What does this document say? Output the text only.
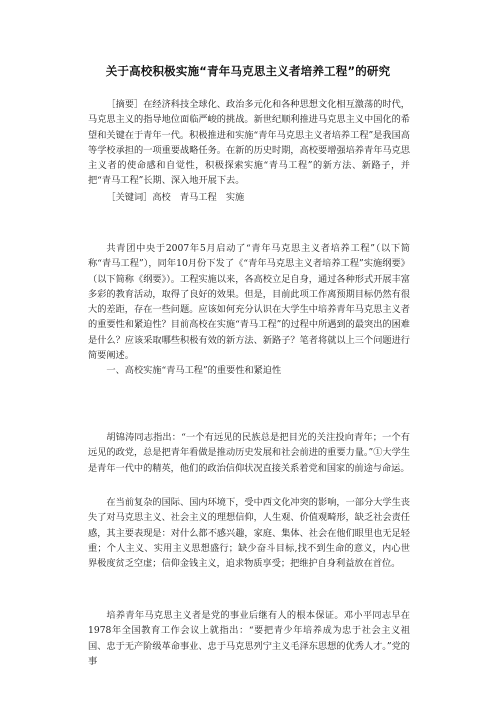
关于高校积极实施“青年马克思主义者培养工程”的研究

［摘要］在经济科技全球化、政治多元化和各种思想文化相互激荡的时代，马克思主义的指导地位面临严峻的挑战。新世纪顺利推进马克思主义中国化的希望和关键在于青年一代。积极推进和实施“青年马克思主义者培养工程”是我国高等学校承担的一项重要战略任务。在新的历史时期，高校要增强培养青年马克思主义者的使命感和自觉性，积极探索实施“青马工程”的新方法、新路子，并把“青马工程”长期、深入地开展下去。

［关键词］高校　青马工程　实施

共青团中央于2007年5月启动了“青年马克思主义者培养工程”（以下简称“青马工程”），同年10月份下发了《“青年马克思主义者培养工程”实施纲要》（以下简称《纲要》）。工程实施以来，各高校立足自身，通过各种形式开展丰富多彩的教育活动，取得了良好的效果。但是，目前此项工作离预期目标仍然有很大的差距，存在一些问题。应该如何充分认识在大学生中培养青年马克思主义者的重要性和紧迫性？目前高校在实施“青马工程”的过程中所遇到的最突出的困难是什么？应该采取哪些积极有效的新方法、新路子？笔者将就以上三个问题进行简要阐述。

一、高校实施“青马工程”的重要性和紧迫性

胡锦涛同志指出：“一个有远见的民族总是把目光的关注投向青年；一个有远见的政党，总是把青年看做是推动历史发展和社会前进的重要力量。”①大学生是青年一代中的精英，他们的政治信仰状况直接关系着党和国家的前途与命运。

在当前复杂的国际、国内环境下，受中西文化冲突的影响，一部分大学生丧失了对马克思主义、社会主义的理想信仰，人生观、价值观畸形，缺乏社会责任感，其主要表现是：对什么都不感兴趣，家庭、集体、社会在他们眼里也无足轻重；个人主义、实用主义思想盛行；缺少奋斗目标,找不到生命的意义，内心世界极度贫乏空虚；信仰金钱主义，追求物质享受；把维护自身利益放在首位。

培养青年马克思主义者是党的事业后继有人的根本保证。邓小平同志早在1978年全国教育工作会议上就指出：“要把青少年培养成为忠于社会主义祖国、忠于无产阶级革命事业、忠于马克思列宁主义毛泽东思想的优秀人才。”党的事
